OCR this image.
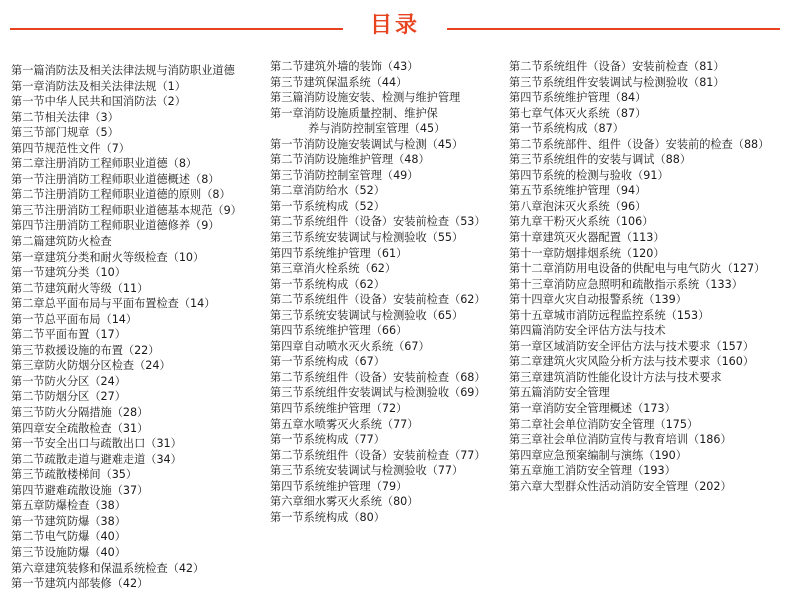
目录
第一篇消防法及相关法律法规与消防职业道德
第一章消防法及相关法律法规（1）
第一节中华人民共和国消防法（2）
第二节相关法律（3）
第三节部门规章（5）
第四节规范性文件（7）
第二章注册消防工程师职业道德（8）
第一节注册消防工程师职业道德概述（8）
第二节注册消防工程师职业道德的原则（8）
第三节注册消防工程师职业道德基本规范（9）
第四节注册消防工程师职业道德修养（9）
第二篇建筑防火检查
第一章建筑分类和耐火等级检查（10）
第一节建筑分类（10）
第二节建筑耐火等级（11）
第二章总平面布局与平面布置检查（14）
第一节总平面布局（14）
第二节平面布置（17）
第三节救援设施的布置（22）
第三章防火防烟分区检查（24）
第一节防火分区（24）
第二节防烟分区（27）
第三节防火分隔措施（28）
第四章安全疏散检查（31）
第一节安全出口与疏散出口（31）
第二节疏散走道与避难走道（34）
第三节疏散楼梯间（35）
第四节避难疏散设施（37）
第五章防爆检查（38）
第一节建筑防爆（38）
第二节电气防爆（40）
第三节设施防爆（40）
第六章建筑装修和保温系统检查（42）
第一节建筑内部装修（42）
第二节建筑外墙的装饰（43）
第三节建筑保温系统（44）
第三篇消防设施安装、检测与维护管理
第一章消防设施质量控制、维护保
养与消防控制室管理（45）
第一节消防设施安装调试与检测（45）
第二节消防设施维护管理（48）
第三节消防控制室管理（49）
第二章消防给水（52）
第一节系统构成（52）
第二节系统组件（设备）安装前检查（53）
第三节系统安装调试与检测验收（55）
第四节系统维护管理（61）
第三章消火栓系统（62）
第一节系统构成（62）
第二节系统组件（设备）安装前检查（62）
第三节系统安装调试与检测验收（65）
第四节系统维护管理（66）
第四章自动喷水灭火系统（67）
第一节系统构成（67）
第二节系统组件（设备）安装前检查（68）
第三节系统组件安装调试与检测验收（69）
第四节系统维护管理（72）
第五章水喷雾灭火系统（77）
第一节系统构成（77）
第二节系统组件（设备）安装前检查（77）
第三节系统安装调试与检测验收（77）
第四节系统维护管理（79）
第六章细水雾灭火系统（80）
第一节系统构成（80）
第二节系统组件（设备）安装前检查（81）
第三节系统组件安装调试与检测验收（81）
第四节系统维护管理（84）
第七章气体灭火系统（87）
第一节系统构成（87）
第二节系统部件、组件（设备）安装前的检查（88）
第三节系统组件的安装与调试（88）
第四节系统的检测与验收（91）
第五节系统维护管理（94）
第八章泡沫灭火系统（96）
第九章干粉灭火系统（106）
第十章建筑灭火器配置（113）
第十一章防烟排烟系统（120）
第十二章消防用电设备的供配电与电气防火（127）
第十三章消防应急照明和疏散指示系统（133）
第十四章火灾自动报警系统（139）
第十五章城市消防远程监控系统（153）
第四篇消防安全评估方法与技术
第一章区域消防安全评估方法与技术要求（157）
第二章建筑火灾风险分析方法与技术要求（160）
第三章建筑消防性能化设计方法与技术要求
第五篇消防安全管理
第一章消防安全管理概述（173）
第二章社会单位消防安全管理（175）
第三章社会单位消防宣传与教育培训（186）
第四章应急预案编制与演练（190）
第五章施工消防安全管理（193）
第六章大型群众性活动消防安全管理（202）
